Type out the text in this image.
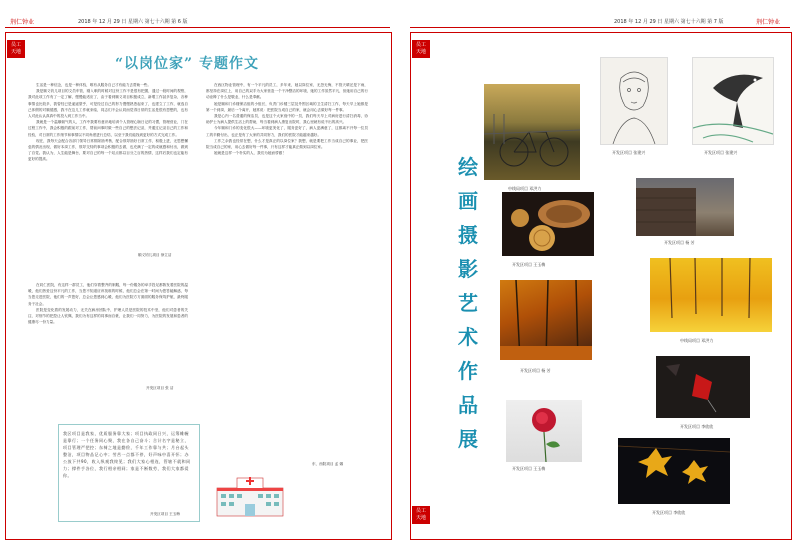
2018 年 12 月 29 日 星期六 第七十六期 第 6 版
荆仁钟业
员工
天地
“以岗位家” 专题作文

生活是一种信念，也是一种体验，唯有从服务自己才有能力去帮助一些。

我是顺义钧儿项目的文员车管，刚入职的时候对这份工作不是很有把握，通过一段时间的观察，我对此项工作有了一定了解，慢慢能适应了，由于看到顺义项目积极成立，新增工作甚多复杂，各种事情也比较多，我曾经已是遥遥望乎，可是经过自己的努力慢慢熟悉起来了，也建立了工作，就选自己体假的对顺德感，我不在这儿工作就来临，同志们不会认同而觉得日常的生活是很有思想的，也有人对此认认真真中的投入到工作当中。

我就是一个温顺朝气的人，工作中我要有意识地培训个人管理心肠日记的习惯，管理营业，门在过程工作中，我会积极的跟前对工作，帮前问事时做一些自己的想法记录，并通过记录自己的工作和经验，对日常的工作细节和事情以不同角度进行总结，以至于我们能找到更好的方式完成工作。

现在，我每天会配合各部门领导日常排除抽考核，配合领导抽好日常工作，积极上进，无思想懈怠的情况出现，做好本岗工作，领导交待的事项会积极的去做，也充满了一定的成就感和付出，做到了自觉。我认为，人生能是舞台，要对自己的每一个站点都以百分之百的热情，这样后我们也定能有更好的提高。

顺义钧儿项目 徐立洁

在同仁医院，有这样一群员工，他们穿着整齐的制服，每一份服务的举手投足都散发着医院的温暖，他们热爱这份平凡的工作，当您不知道应该找谁的时候，他们总会在第一时间为您答疑解惑，每当您走进医院，他们的一声您好，总会让您感到心暖，他们为医院方方面面的服务保驾护航，最终服务于社会。

医院是变化着的发展动力，无关在病房团队中，护理人员是医院的技术中坚，他们对患者的关注、对细节的把控让人钦佩，我们为有这样的同事而自豪，让我们一同努力，为医院的发展和患者的健康尽一份力量。

开发区项目 张 洁
我区项目是我家，优质服务靠大家；项目执政同日兴，运筹帷幄是靠行；一个任务同心聚，我在各自己奋斗；合计名字是秘立，项目管理严把控；东椅之地是勤俭，千年工作靠与共；月台起头整洁，项目物品记心中；劳苦一点都不停，好声咏中喜开怀；办公放下共90，收入纵观我终见；我们大家心相连，管辖不就和同力；撑件手各位，我行相亲相同；家是不断数劳，我们大家都爱你。
开发区项目 王玉梅

在西区物业管理中，有一个平凡的员工，多年来，她以岗位家，无怨无悔，不管天晴还是下雨，都坚持在岗位上，用自己的双手为大家营造一个干净整洁的环境，她的工作虽然平凡，但她用自己的行动诠释了什么是敬业，什么是奉献。

她是顺和门诊楼保洁组的小组长，负责门诊楼三层及外围区域的卫生清扫工作，每天早上她都是第一个到岗，最后一个离开，她常说：把医院当成自己的家，就会用心去做好每一件事。

我是心内一名普通的保洁员，也是这个大家庭中的一员，我们每天早上对病房进行清扫消毒，协助护士为病人提供生活上的帮助，每当看到病人康复出院时，我心里就有说不出的高兴。

今年顺和门诊的变化很大——环境更美化了，服务更好了，病人更满意了，这都离不开每一位员工的辛勤付出，也正是有了大家的共同努力，我们的医院才能越来越好。

工作之余我也经常在想，什么才是真正的以岗位家？我想，就是要把工作当成自己的事业，把医院当成自己的家，用心去做好每一件事，只有这样才能真正做到以岗位家。

她就是这样一个朴实的人，我们为她而骄傲！

东、西院项目 孟 娜
2018 年 12 月 29 日 星期六 第七十六期 第 7 版	荆仁钟业
员工
天地
员工
天地
绘
画
摄
影
艺
术
作
品
展
中线局项目 邓洪力
开发区项目 张建兴	开发区项目 张建兴
开发区项目 王玉梅
开发区项目 杨 芳
中线局项目 邓洪力
开发区项目 杨 芳
开发区项目 李欣欣
开发区项目 王玉梅
开发区项目 李欣欣
